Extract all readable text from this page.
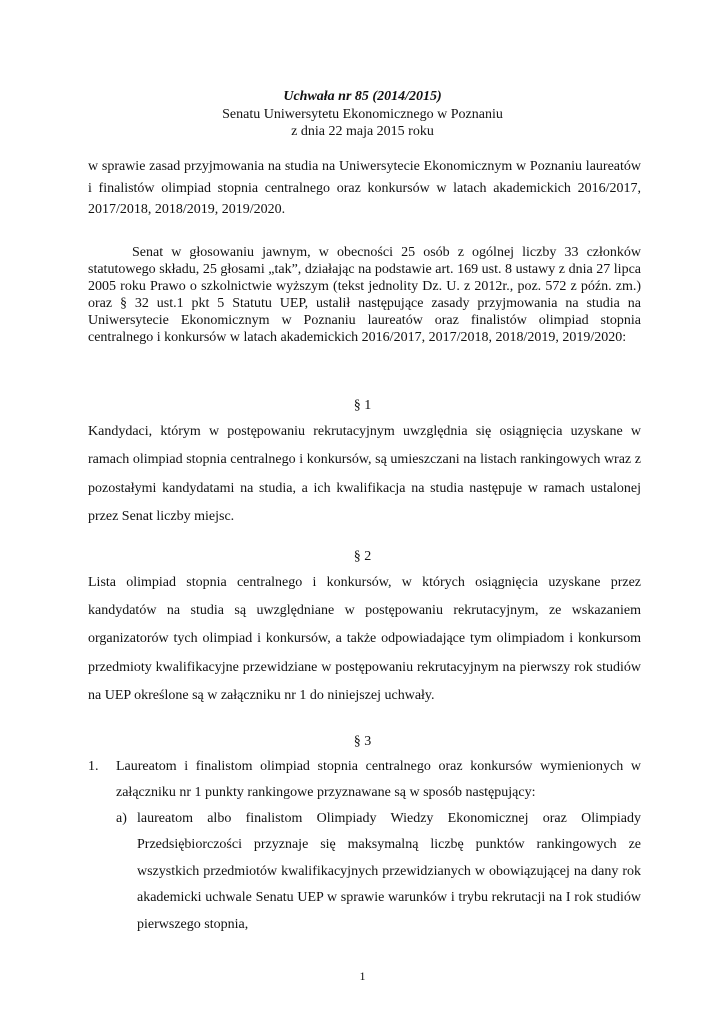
Uchwała nr 85 (2014/2015)
Senatu Uniwersytetu Ekonomicznego w Poznaniu
z dnia 22 maja 2015 roku

w sprawie zasad przyjmowania na studia na Uniwersytecie Ekonomicznym w Poznaniu laureatów i finalistów olimpiad stopnia centralnego oraz konkursów w latach akademickich 2016/2017, 2017/2018, 2018/2019, 2019/2020.

Senat w głosowaniu jawnym, w obecności 25 osób z ogólnej liczby 33 członków statutowego składu, 25 głosami „tak”, działając na podstawie art. 169 ust. 8 ustawy z dnia 27 lipca 2005 roku Prawo o szkolnictwie wyższym (tekst jednolity Dz. U. z 2012r., poz. 572 z późn. zm.) oraz § 32 ust.1 pkt 5 Statutu UEP, ustalił następujące zasady przyjmowania na studia na Uniwersytecie Ekonomicznym w Poznaniu laureatów oraz finalistów olimpiad stopnia centralnego i konkursów w latach akademickich 2016/2017, 2017/2018, 2018/2019, 2019/2020:

§ 1

Kandydaci, którym w postępowaniu rekrutacyjnym uwzględnia się osiągnięcia uzyskane w ramach olimpiad stopnia centralnego i konkursów, są umieszczani na listach rankingowych wraz z pozostałymi kandydatami na studia, a ich kwalifikacja na studia następuje w ramach ustalonej przez Senat liczby miejsc.

§ 2

Lista olimpiad stopnia centralnego i konkursów, w których osiągnięcia uzyskane przez kandydatów na studia są uwzględniane w postępowaniu rekrutacyjnym, ze wskazaniem organizatorów tych olimpiad i konkursów, a także odpowiadające tym olimpiadom i konkursom przedmioty kwalifikacyjne przewidziane w postępowaniu rekrutacyjnym na pierwszy rok studiów na UEP określone są w załączniku nr 1 do niniejszej uchwały.

§ 3
1. Laureatom i finalistom olimpiad stopnia centralnego oraz konkursów wymienionych w załączniku nr 1 punkty rankingowe przyznawane są w sposób następujący:
a) laureatom albo finalistom Olimpiady Wiedzy Ekonomicznej oraz Olimpiady Przedsiębiorczości przyznaje się maksymalną liczbę punktów rankingowych ze wszystkich przedmiotów kwalifikacyjnych przewidzianych w obowiązującej na dany rok akademicki uchwale Senatu UEP w sprawie warunków i trybu rekrutacji na I rok studiów pierwszego stopnia,
1
